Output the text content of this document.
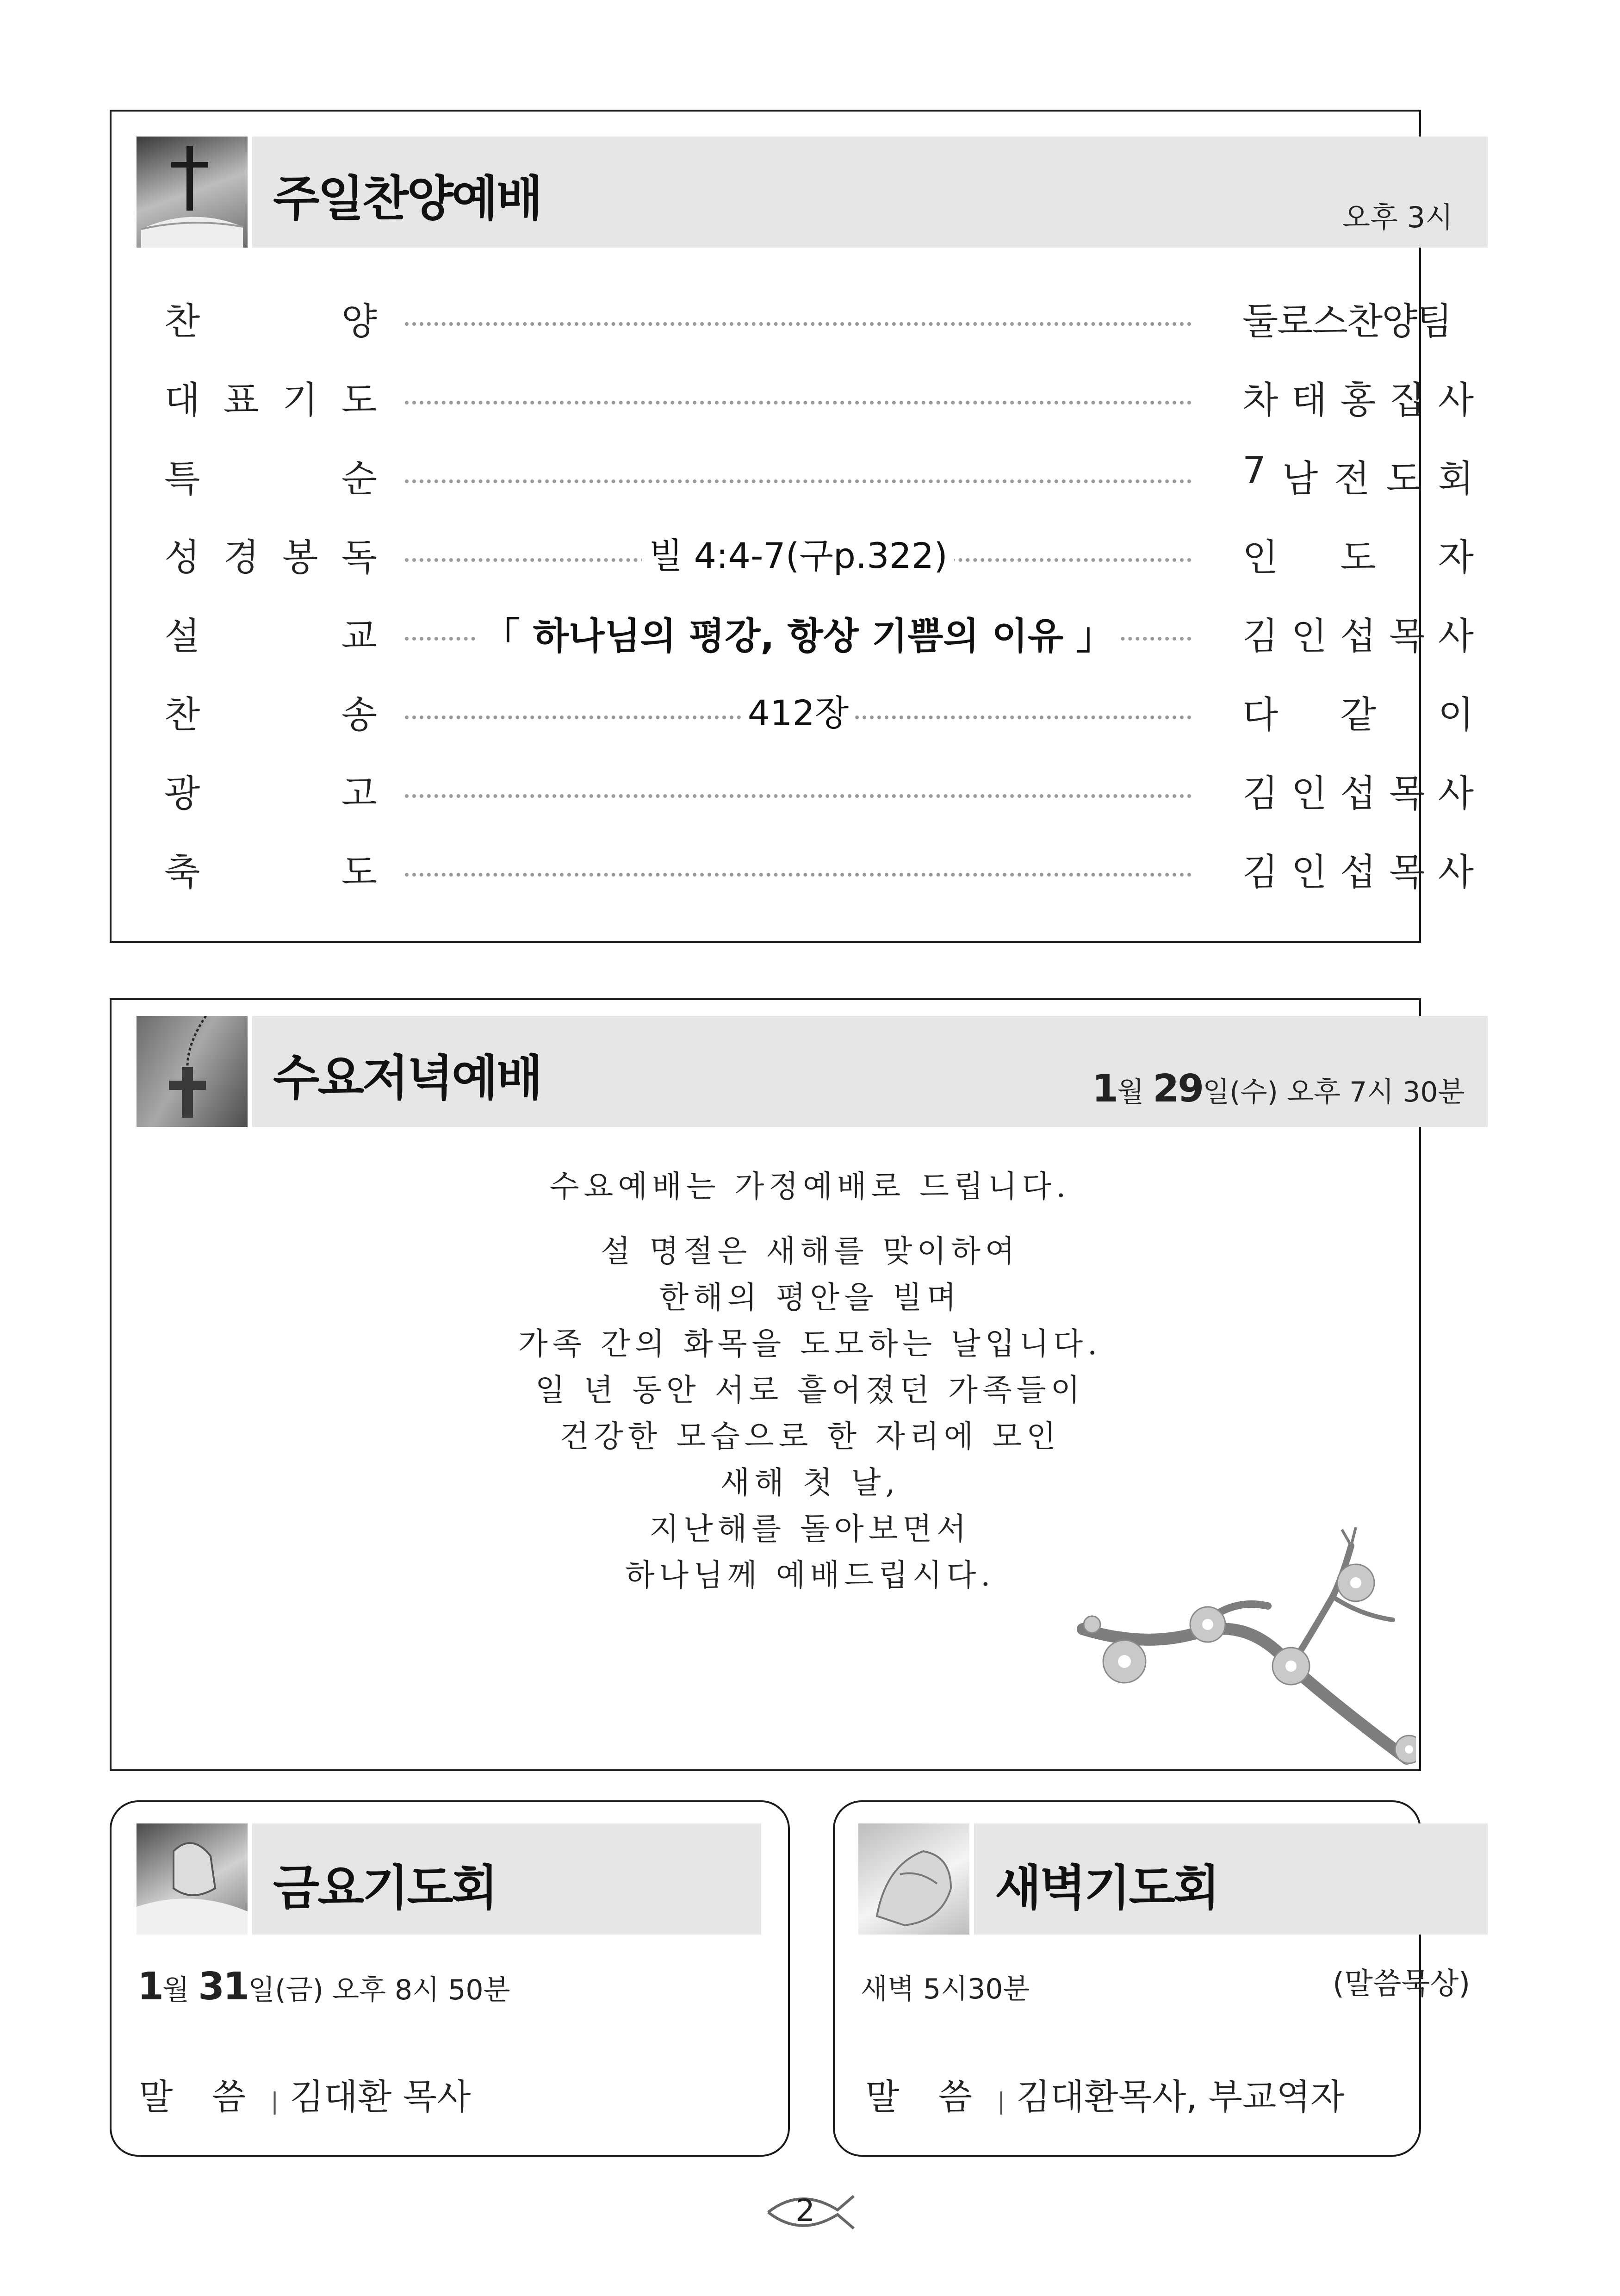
주일찬양예배	오후 3시
찬	양	둘로스찬양팀
대 표 기 도	차 태 홍 집 사
특	순	7 남 전 도 회
성 경 봉 독	빌 4:4-7(구p.322)	인 도 자
설	교	「 하나님의 평강, 항상 기쁨의 이유 」	김 인 섭 목 사
찬	송	412장	다 같 이
광	고	김 인 섭 목 사
축	도	김 인 섭 목 사
수요저녁예배	1월 29일(수) 오후 7시 30분
수요예배는 가정예배로 드립니다.
설 명절은 새해를 맞이하여
한해의 평안을 빌며
가족 간의 화목을 도모하는 날입니다.
일 년 동안 서로 흩어졌던 가족들이
건강한 모습으로 한 자리에 모인
새해 첫 날,
지난해를 돌아보면서
하나님께 예배드립시다.
금요기도회
1월 31일(금) 오후 8시 50분
말 씀 | 김대환 목사
새벽기도회
새벽 5시30분	(말씀묵상)
말 씀 | 김대환목사, 부교역자
2
